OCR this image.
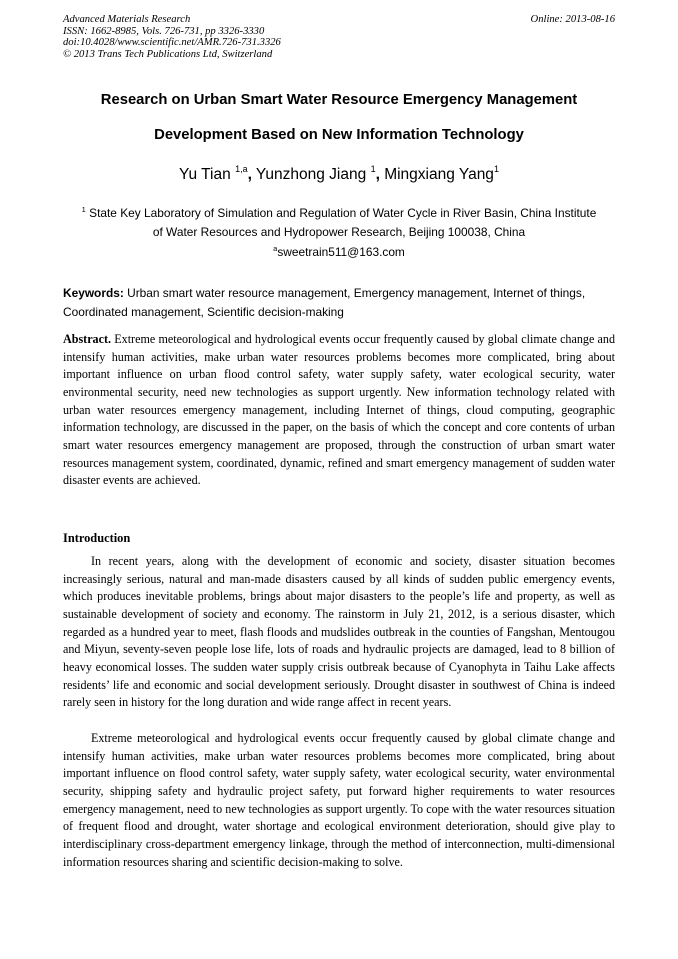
Advanced Materials Research
ISSN: 1662-8985, Vols. 726-731, pp 3326-3330
doi:10.4028/www.scientific.net/AMR.726-731.3326
© 2013 Trans Tech Publications Ltd, Switzerland
Online: 2013-08-16
Research on Urban Smart Water Resource Emergency Management
Development Based on New Information Technology
Yu Tian $^{1,a}$, Yunzhong Jiang $^1$, Mingxiang Yang$^1$
$^1$ State Key Laboratory of Simulation and Regulation of Water Cycle in River Basin, China Institute
of Water Resources and Hydropower Research, Beijing 100038, China
$^a$sweetrain511@163.com
Keywords: Urban smart water resource management, Emergency management, Internet of things, Coordinated management, Scientific decision-making
Abstract. Extreme meteorological and hydrological events occur frequently caused by global climate change and intensify human activities, make urban water resources problems becomes more complicated, bring about important influence on urban flood control safety, water supply safety, water ecological security, water environmental security, need new technologies as support urgently. New information technology related with urban water resources emergency management, including Internet of things, cloud computing, geographic information technology, are discussed in the paper, on the basis of which the concept and core contents of urban smart water resources emergency management are proposed, through the construction of urban smart water resources management system, coordinated, dynamic, refined and smart emergency management of sudden water disaster events are achieved.
Introduction
In recent years, along with the development of economic and society, disaster situation becomes increasingly serious, natural and man-made disasters caused by all kinds of sudden public emergency events, which produces inevitable problems, brings about major disasters to the people’s life and property, as well as sustainable development of society and economy. The rainstorm in July 21, 2012, is a serious disaster, which regarded as a hundred year to meet, flash floods and mudslides outbreak in the counties of Fangshan, Mentougou and Miyun, seventy-seven people lose life, lots of roads and hydraulic projects are damaged, lead to 8 billion of heavy economical losses. The sudden water supply crisis outbreak because of Cyanophyta in Taihu Lake affects residents’ life and economic and social development seriously. Drought disaster in southwest of China is indeed rarely seen in history for the long duration and wide range affect in recent years.
Extreme meteorological and hydrological events occur frequently caused by global climate change and intensify human activities, make urban water resources problems becomes more complicated, bring about important influence on flood control safety, water supply safety, water ecological security, water environmental security, shipping safety and hydraulic project safety, put forward higher requirements to water resources emergency management, need to new technologies as support urgently. To cope with the water resources situation of frequent flood and drought, water shortage and ecological environment deterioration, should give play to interdisciplinary cross-department emergency linkage, through the method of interconnection, multi-dimensional information resources sharing and scientific decision-making to solve.
